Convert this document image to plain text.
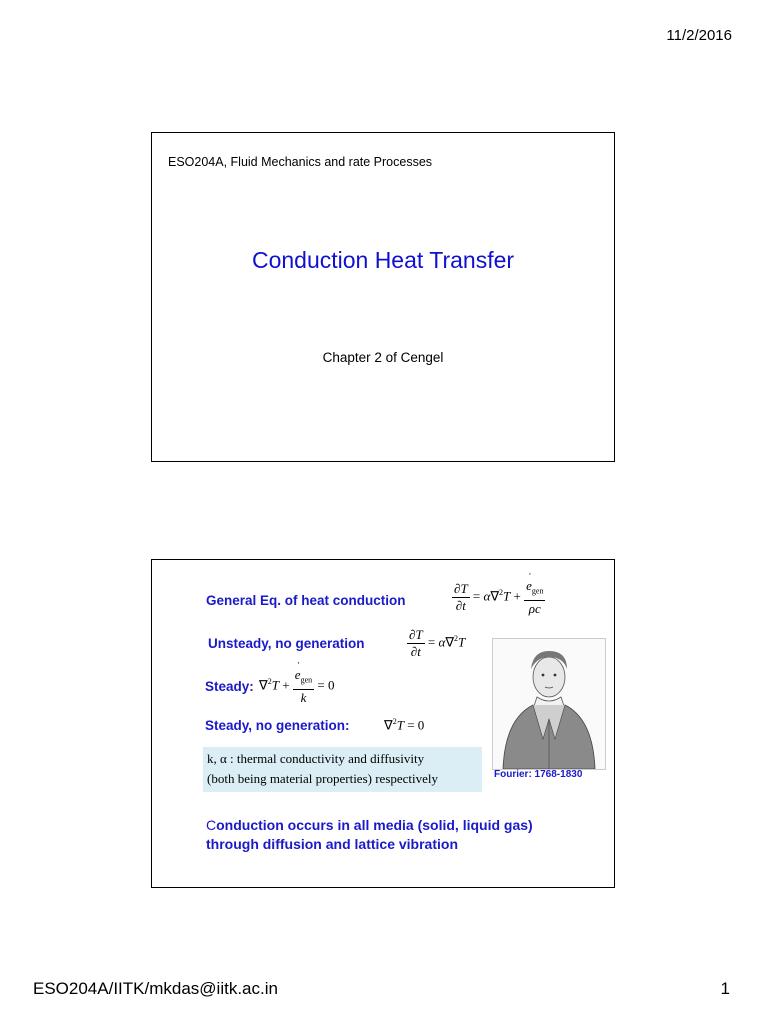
11/2/2016
ESO204A, Fluid Mechanics and rate Processes
Conduction Heat Transfer
Chapter 2 of Cengel
General Eq. of heat conduction	$\frac{\partial T}{\partial t} = \alpha\nabla^2T$ + ˙ $\frac{e_{gen}}{\rho c}$
Unsteady, no generation	$\frac{\partial T}{\partial t} = \alpha\nabla^2T$
Steady: ∇$^2$T + ˙ $\frac{e_{gen}}{k} = 0$
Steady, no generation:	∇$^2$T = 0
k, α : thermal conductivity and diffusivity
(both being material properties) respectively	Fourier: 1768-1830
Conduction occurs in all media (solid, liquid gas)
through diffusion and lattice vibration
ESO204A/IITK/mkdas@iitk.ac.in	1
